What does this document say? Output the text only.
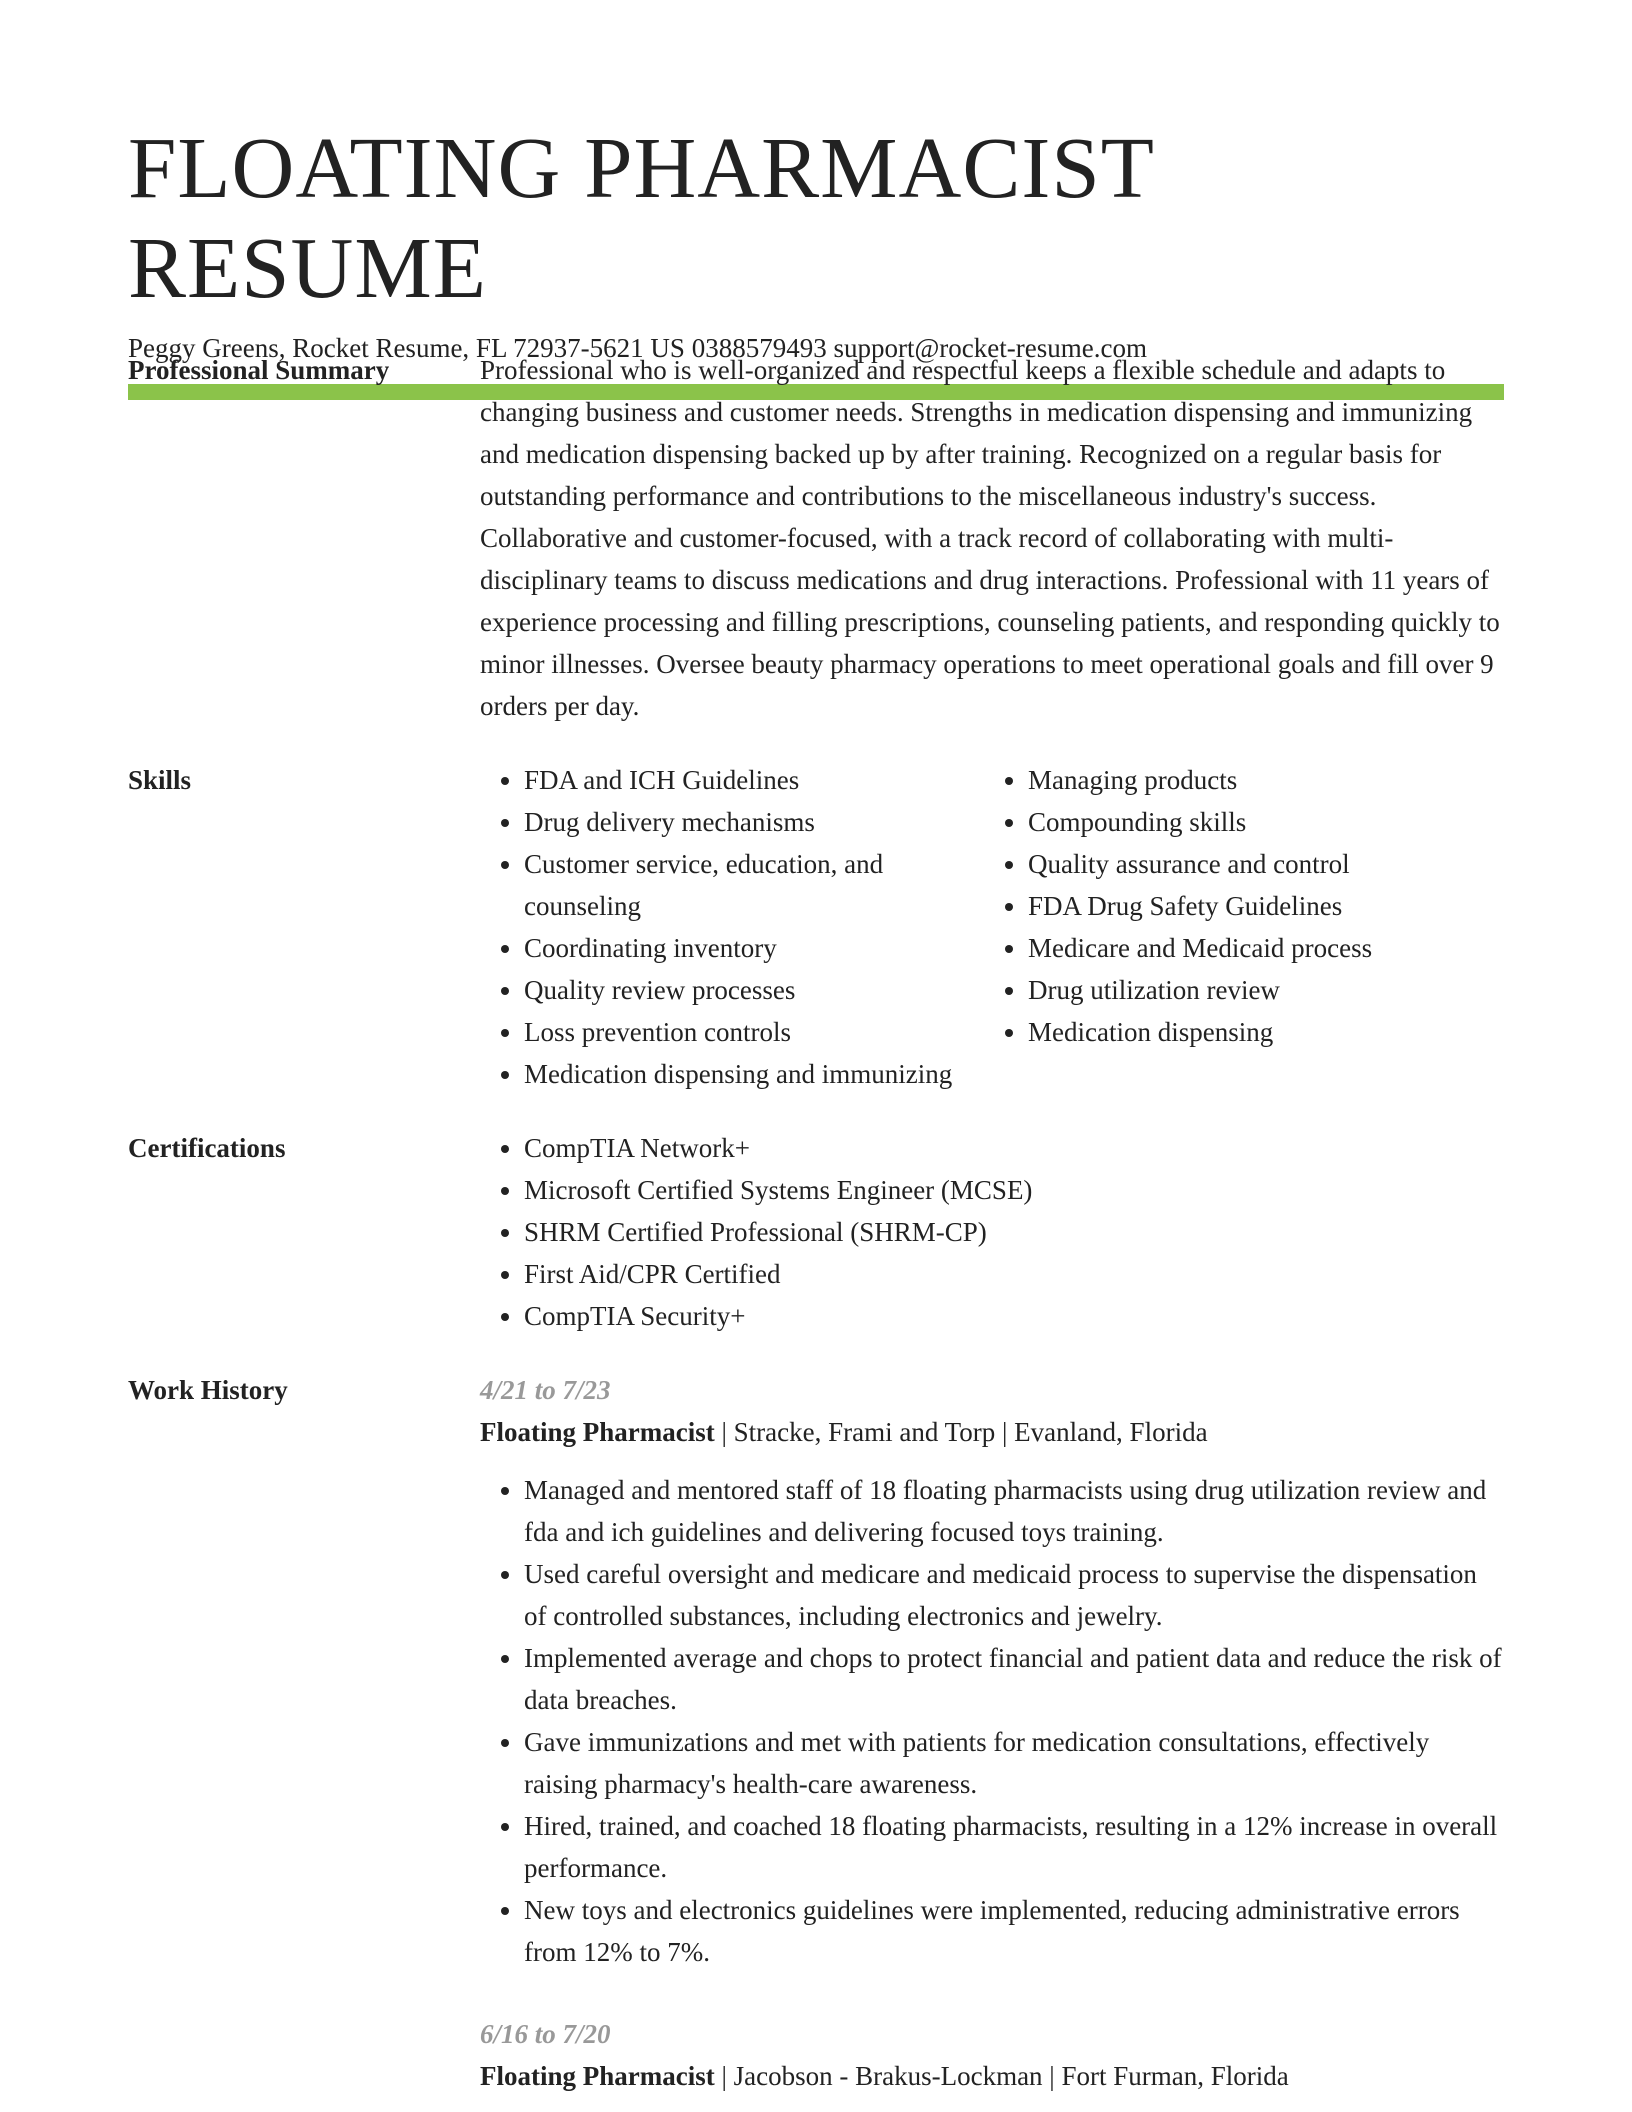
FLOATING PHARMACIST RESUME
Peggy Greens, Rocket Resume, FL 72937-5621 US 0388579493 support@rocket-resume.com
Professional Summary	Professional who is well-organized and respectful keeps a flexible schedule and adapts to changing business and customer needs. Strengths in medication dispensing and immunizing and medication dispensing backed up by after training. Recognized on a regular basis for outstanding performance and contributions to the miscellaneous industry's success. Collaborative and customer-focused, with a track record of collaborating with multi-disciplinary teams to discuss medications and drug interactions. Professional with 11 years of experience processing and filling prescriptions, counseling patients, and responding quickly to minor illnesses. Oversee beauty pharmacy operations to meet operational goals and fill over 9 orders per day.

Skills	• FDA and ICH Guidelines
• Drug delivery mechanisms
• Customer service, education, and counseling
• Coordinating inventory
• Quality review processes
• Loss prevention controls
• Medication dispensing and immunizing
• Managing products
• Compounding skills
• Quality assurance and control
• FDA Drug Safety Guidelines
• Medicare and Medicaid process
• Drug utilization review
• Medication dispensing
Certifications	• CompTIA Network+
• Microsoft Certified Systems Engineer (MCSE)
• SHRM Certified Professional (SHRM-CP)
• First Aid/CPR Certified
• CompTIA Security+
Work History	4/21 to 7/23
Floating Pharmacist | Stracke, Frami and Torp | Evanland, Florida
• Managed and mentored staff of 18 floating pharmacists using drug utilization review and fda and ich guidelines and delivering focused toys training.
• Used careful oversight and medicare and medicaid process to supervise the dispensation of controlled substances, including electronics and jewelry.
• Implemented average and chops to protect financial and patient data and reduce the risk of data breaches.
• Gave immunizations and met with patients for medication consultations, effectively raising pharmacy's health-care awareness.
• Hired, trained, and coached 18 floating pharmacists, resulting in a 12% increase in overall performance.
• New toys and electronics guidelines were implemented, reducing administrative errors from 12% to 7%.
6/16 to 7/20
Floating Pharmacist | Jacobson - Brakus-Lockman | Fort Furman, Florida
